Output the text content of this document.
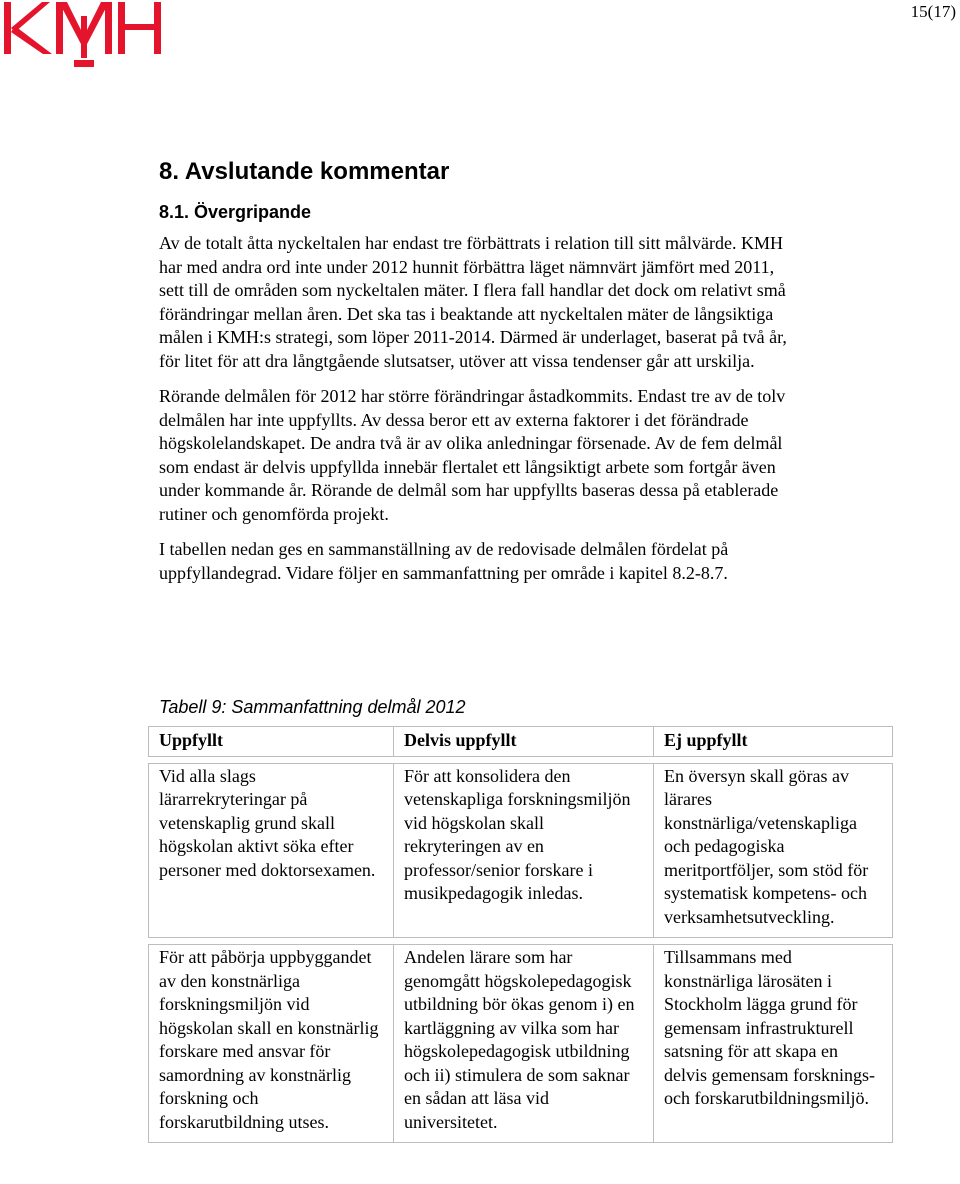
15(17)
8. Avslutande kommentar
8.1. Övergripande

Av de totalt åtta nyckeltalen har endast tre förbättrats i relation till sitt målvärde. KMH har med andra ord inte under 2012 hunnit förbättra läget nämnvärt jämfört med 2011, sett till de områden som nyckeltalen mäter. I flera fall handlar det dock om relativt små förändringar mellan åren. Det ska tas i beaktande att nyckeltalen mäter de långsiktiga målen i KMH:s strategi, som löper 2011-2014. Därmed är underlaget, baserat på två år, för litet för att dra långtgående slutsatser, utöver att vissa tendenser går att urskilja.

Rörande delmålen för 2012 har större förändringar åstadkommits. Endast tre av de tolv delmålen har inte uppfyllts. Av dessa beror ett av externa faktorer i det förändrade högskolelandskapet. De andra två är av olika anledningar försenade. Av de fem delmål som endast är delvis uppfyllda innebär flertalet ett långsiktigt arbete som fortgår även under kommande år. Rörande de delmål som har uppfyllts baseras dessa på etablerade rutiner och genomförda projekt.

I tabellen nedan ges en sammanställning av de redovisade delmålen fördelat på uppfyllandegrad. Vidare följer en sammanfattning per område i kapitel 8.2-8.7.

Tabell 9: Sammanfattning delmål 2012
Uppfyllt	Delvis uppfyllt	Ej uppfyllt

Vid alla slags lärarrekryteringar på vetenskaplig grund skall högskolan aktivt söka efter personer med doktorsexamen.	För att konsolidera den vetenskapliga forskningsmiljön vid högskolan skall rekryteringen av en professor/senior forskare i musikpedagogik inledas.	En översyn skall göras av lärares konstnärliga/vetenskapliga och pedagogiska meritportföljer, som stöd för systematisk kompetens- och verksamhetsutveckling.

För att påbörja uppbyggandet av den konstnärliga forskningsmiljön vid högskolan skall en konstnärlig forskare med ansvar för samordning av konstnärlig forskning och forskarutbildning utses.	Andelen lärare som har genomgått högskolepedagogisk utbildning bör ökas genom i) en kartläggning av vilka som har högskolepedagogisk utbildning och ii) stimulera de som saknar en sådan att läsa vid universitetet.	Tillsammans med konstnärliga lärosäten i Stockholm lägga grund för gemensam infrastrukturell satsning för att skapa en delvis gemensam forsknings- och forskarutbildningsmiljö.
